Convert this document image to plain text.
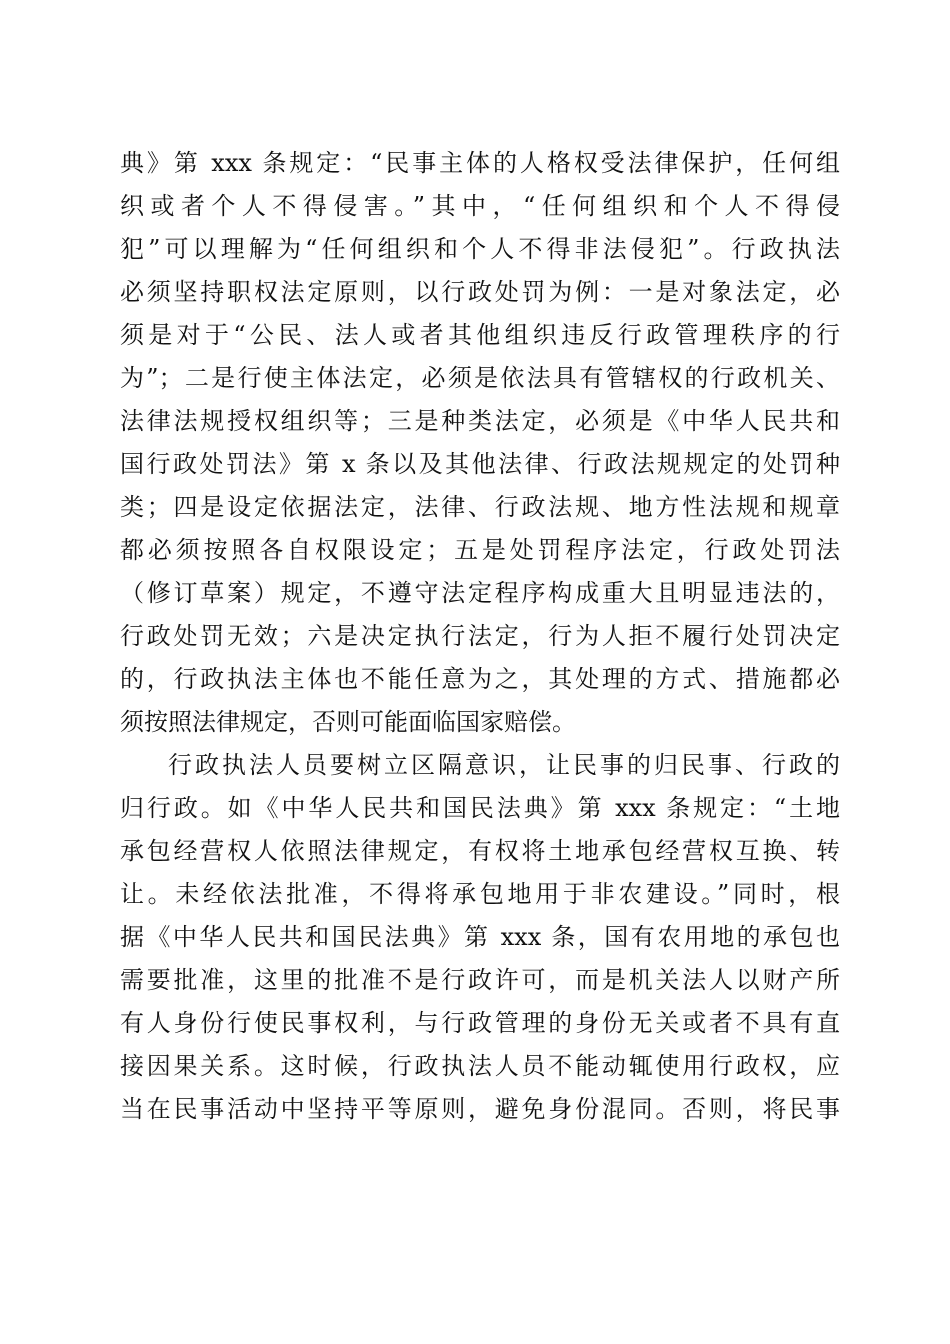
典》第 xxx 条规定：“民事主体的人格权受法律保护，任何组
织或者个人不得侵害。”其中，“任何组织和个人不得侵
犯”可以理解为“任何组织和个人不得非法侵犯”。行政执法
必须坚持职权法定原则，以行政处罚为例：一是对象法定，必
须是对于“公民、法人或者其他组织违反行政管理秩序的行
为”；二是行使主体法定，必须是依法具有管辖权的行政机关、
法律法规授权组织等；三是种类法定，必须是《中华人民共和
国行政处罚法》第 x 条以及其他法律、行政法规规定的处罚种
类；四是设定依据法定，法律、行政法规、地方性法规和规章
都必须按照各自权限设定；五是处罚程序法定，行政处罚法
（修订草案）规定，不遵守法定程序构成重大且明显违法的，
行政处罚无效；六是决定执行法定，行为人拒不履行处罚决定
的，行政执法主体也不能任意为之，其处理的方式、措施都必
须按照法律规定，否则可能面临国家赔偿。
行政执法人员要树立区隔意识，让民事的归民事、行政的
归行政。如《中华人民共和国民法典》第 xxx 条规定：“土地
承包经营权人依照法律规定，有权将土地承包经营权互换、转
让。未经依法批准，不得将承包地用于非农建设。”同时，根
据《中华人民共和国民法典》第 xxx 条，国有农用地的承包也
需要批准，这里的批准不是行政许可，而是机关法人以财产所
有人身份行使民事权利，与行政管理的身份无关或者不具有直
接因果关系。这时候，行政执法人员不能动辄使用行政权，应
当在民事活动中坚持平等原则，避免身份混同。否则，将民事
